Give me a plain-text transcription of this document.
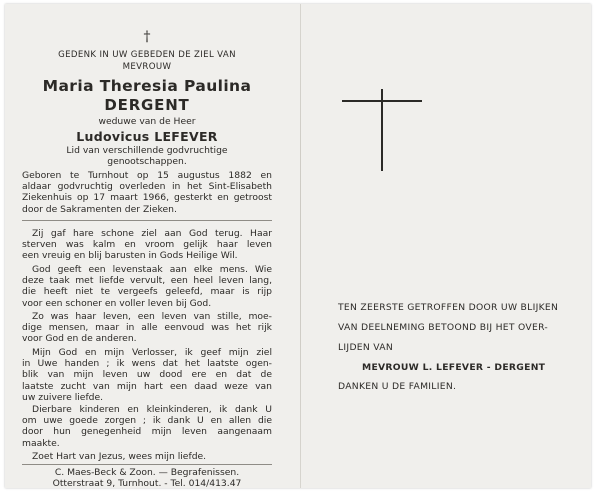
†
GEDENK IN UW GEBEDEN DE ZIEL VAN
MEVROUW
Maria Theresia Paulina
DERGENT
weduwe van de Heer
Ludovicus LEFEVER
Lid van verschillende godvruchtige
genootschappen.
Geboren te Turnhout op 15 augustus 1882 en
aldaar godvruchtig overleden in het Sint-Elisabeth
Ziekenhuis op 17 maart 1966, gesterkt en getroost
door de Sakramenten der Zieken.
Zij gaf hare schone ziel aan God terug. Haar
sterven was kalm en vroom gelijk haar leven
een vreuig en blij barusten in Gods Heilige Wil.
God geeft een levenstaak aan elke mens. Wie
deze taak met liefde vervult, een heel leven lang,
die heeft niet te vergeefs geleefd, maar is rijp
voor een schoner en voller leven bij God.
Zo was haar leven, een leven van stille, moe-
dige mensen, maar in alle eenvoud was het rijk
voor God en de anderen.
Mijn God en mijn Verlosser, ik geef mijn ziel
in Uwe handen ; ik wens dat het laatste ogen-
blik van mijn leven uw dood ere en dat de
laatste zucht van mijn hart een daad weze van
uw zuivere liefde.
Dierbare kinderen en kleinkinderen, ik dank U
om uwe goede zorgen ; ik dank U en allen die
door hun genegenheid mijn leven aangenaam
maakte.
Zoet Hart van Jezus, wees mijn liefde.
C. Maes-Beck & Zoon. — Begrafenissen.
Otterstraat 9, Turnhout. - Tel. 014/413.47
TEN ZEERSTE GETROFFEN DOOR UW BLIJKEN
VAN DEELNEMING BETOOND BIJ HET OVER-
LIJDEN VAN
MEVROUW L. LEFEVER - DERGENT
DANKEN U DE FAMILIEN.
